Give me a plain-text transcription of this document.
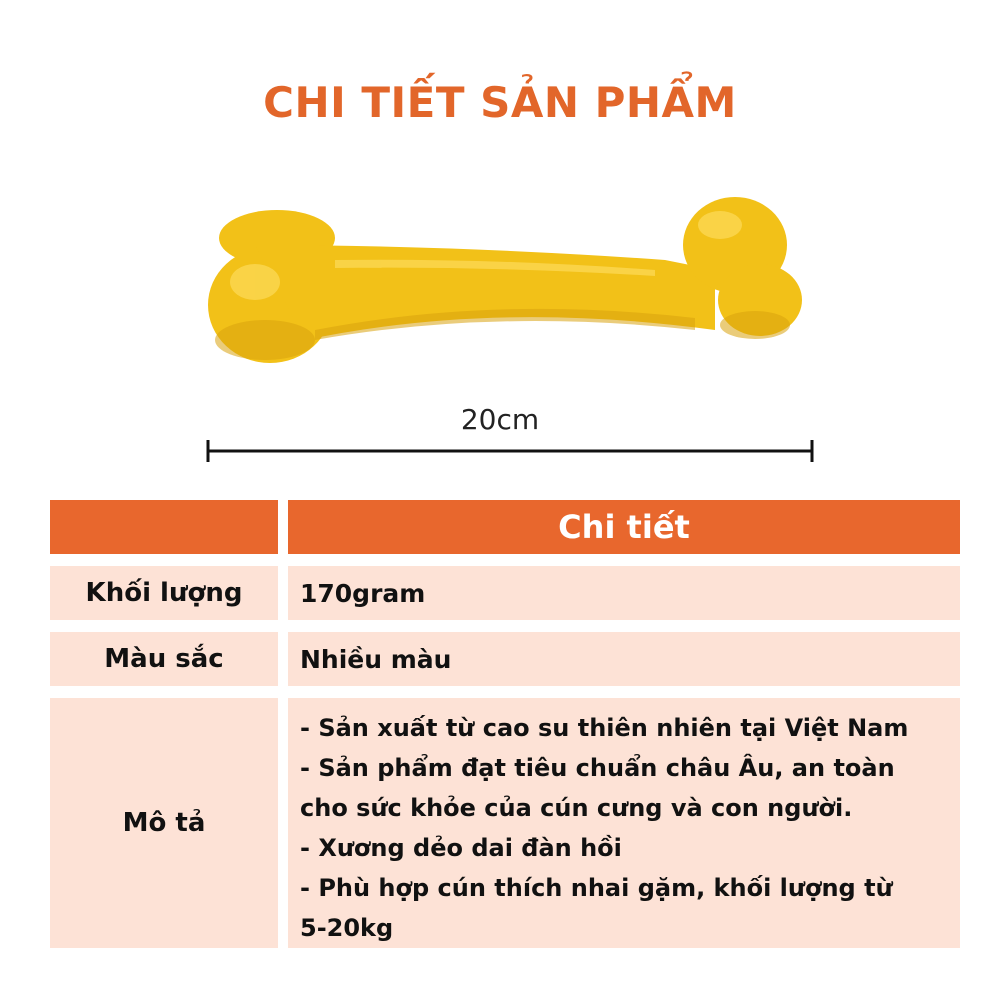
CHI TIẾT SẢN PHẨM
20cm
Chi tiết
Khối lượng	170gram
Màu sắc	Nhiều màu
Mô tả
- Sản xuất từ cao su thiên nhiên tại Việt Nam
- Sản phẩm đạt tiêu chuẩn châu Âu, an toàn
cho sức khỏe của cún cưng và con người.
- Xương dẻo dai đàn hồi
- Phù hợp cún thích nhai gặm, khối lượng từ
5-20kg
